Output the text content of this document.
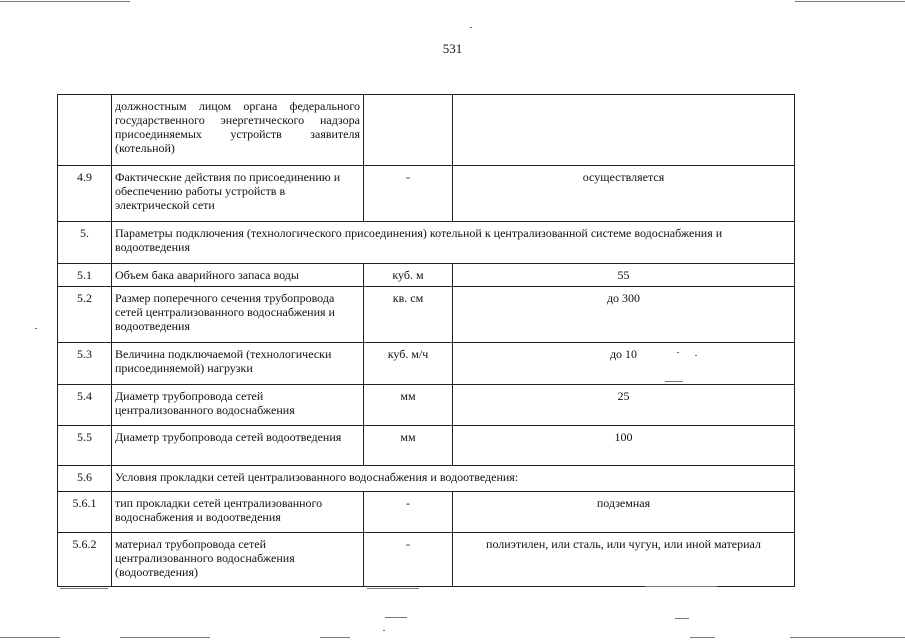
531
	должностным лицом органа федерального государственного энергетического надзора присоединяемых устройств заявителя (котельной)		
4.9	Фактические действия по присоединению и обеспечению работы устройств в электрической сети	-	осуществляется
5.	Параметры подключения (технологического присоединения) котельной к централизованной системе водоснабжения и водоотведения		
5.1	Объем бака аварийного запаса воды	куб. м	55
5.2	Размер поперечного сечения трубопровода сетей централизованного водоснабжения и водоотведения	кв. см	до 300
5.3	Величина подключаемой (технологически присоединяемой) нагрузки	куб. м/ч	до 10
5.4	Диаметр трубопровода сетей централизованного водоснабжения	мм	25
5.5	Диаметр трубопровода сетей водоотведения	мм	100
5.6	Условия прокладки сетей централизованного водоснабжения и водоотведения:		
5.6.1	тип прокладки сетей централизованного водоснабжения и водоотведения	-	подземная
5.6.2	материал трубопровода сетей централизованного водоснабжения (водоотведения)	-	полиэтилен, или сталь, или чугун, или иной материал
